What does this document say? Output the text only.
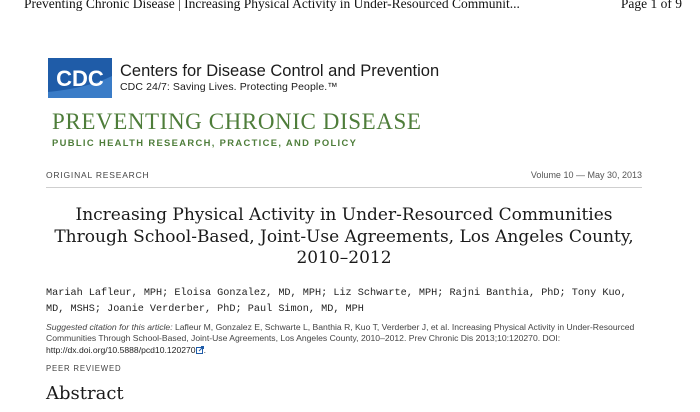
Preventing Chronic Disease | Increasing Physical Activity in Under-Resourced Communit...	Page 1 of 9
CDC Centers for Disease Control and Prevention
CDC 24/7: Saving Lives. Protecting People.™
PREVENTING CHRONIC DISEASE
PUBLIC HEALTH RESEARCH, PRACTICE, AND POLICY
ORIGINAL RESEARCH	Volume 10 — May 30, 2013
Increasing Physical Activity in Under-Resourced Communities Through School-Based, Joint-Use Agreements, Los Angeles County, 2010–2012
Mariah Lafleur, MPH; Eloisa Gonzalez, MD, MPH; Liz Schwarte, MPH; Rajni Banthia, PhD; Tony Kuo, MD, MSHS; Joanie Verderber, PhD; Paul Simon, MD, MPH
Suggested citation for this article: Lafleur M, Gonzalez E, Schwarte L, Banthia R, Kuo T, Verderber J, et al. Increasing Physical Activity in Under-Resourced Communities Through School-Based, Joint-Use Agreements, Los Angeles County, 2010–2012. Prev Chronic Dis 2013;10:120270. DOI: http://dx.doi.org/10.5888/pcd10.120270 .
PEER REVIEWED
Abstract
